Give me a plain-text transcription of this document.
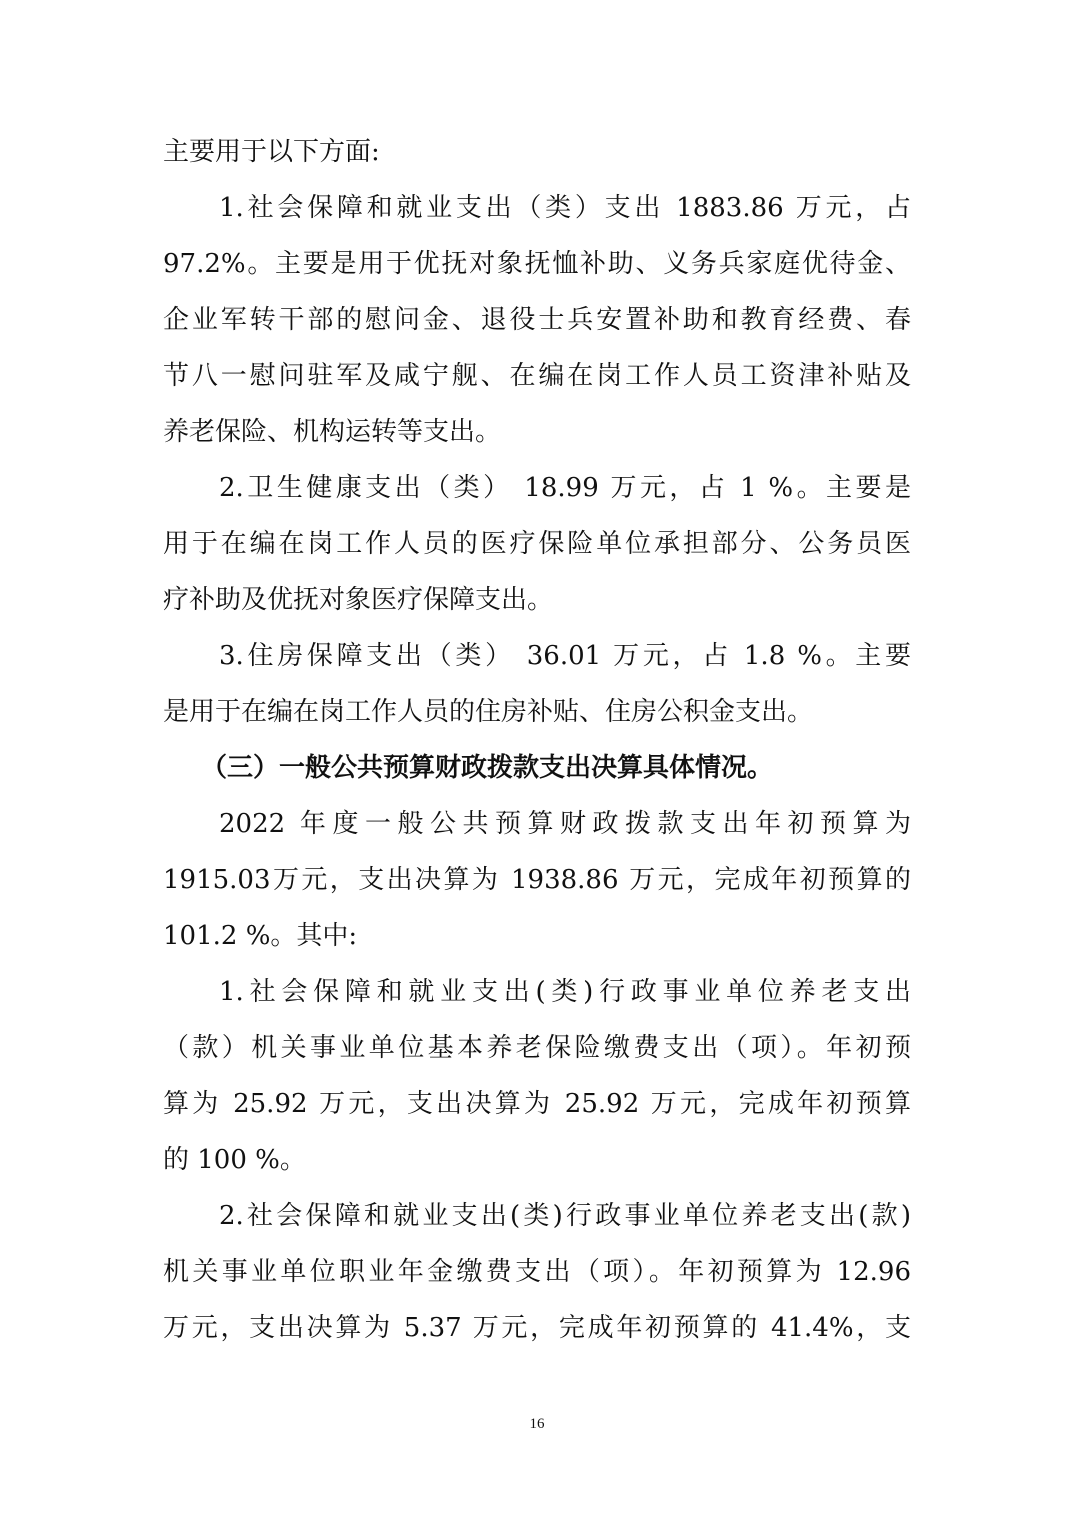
主要用于以下方面:
1.社会保障和就业支出（类）支出 1883.86 万元，占
97.2%。主要是用于优抚对象抚恤补助、义务兵家庭优待金、
企业军转干部的慰问金、退役士兵安置补助和教育经费、春
节八一慰问驻军及咸宁舰、在编在岗工作人员工资津补贴及
养老保险、机构运转等支出。
2.卫生健康支出（类） 18.99 万元，占 1 %。主要是
用于在编在岗工作人员的医疗保险单位承担部分、公务员医
疗补助及优抚对象医疗保障支出。
3.住房保障支出（类） 36.01 万元，占 1.8 %。主要
是用于在编在岗工作人员的住房补贴、住房公积金支出。
（三）一般公共预算财政拨款支出决算具体情况。
2022 年度一般公共预算财政拨款支出年初预算为
1915.03万元，支出决算为 1938.86 万元，完成年初预算的
101.2 %。其中:
1.社会保障和就业支出(类)行政事业单位养老支出
（款）机关事业单位基本养老保险缴费支出（项）。年初预
算为 25.92 万元，支出决算为 25.92 万元，完成年初预算
的 100 %。
2.社会保障和就业支出(类)行政事业单位养老支出(款)
机关事业单位职业年金缴费支出（项）。年初预算为 12.96
万元，支出决算为 5.37 万元，完成年初预算的 41.4%，支
16
